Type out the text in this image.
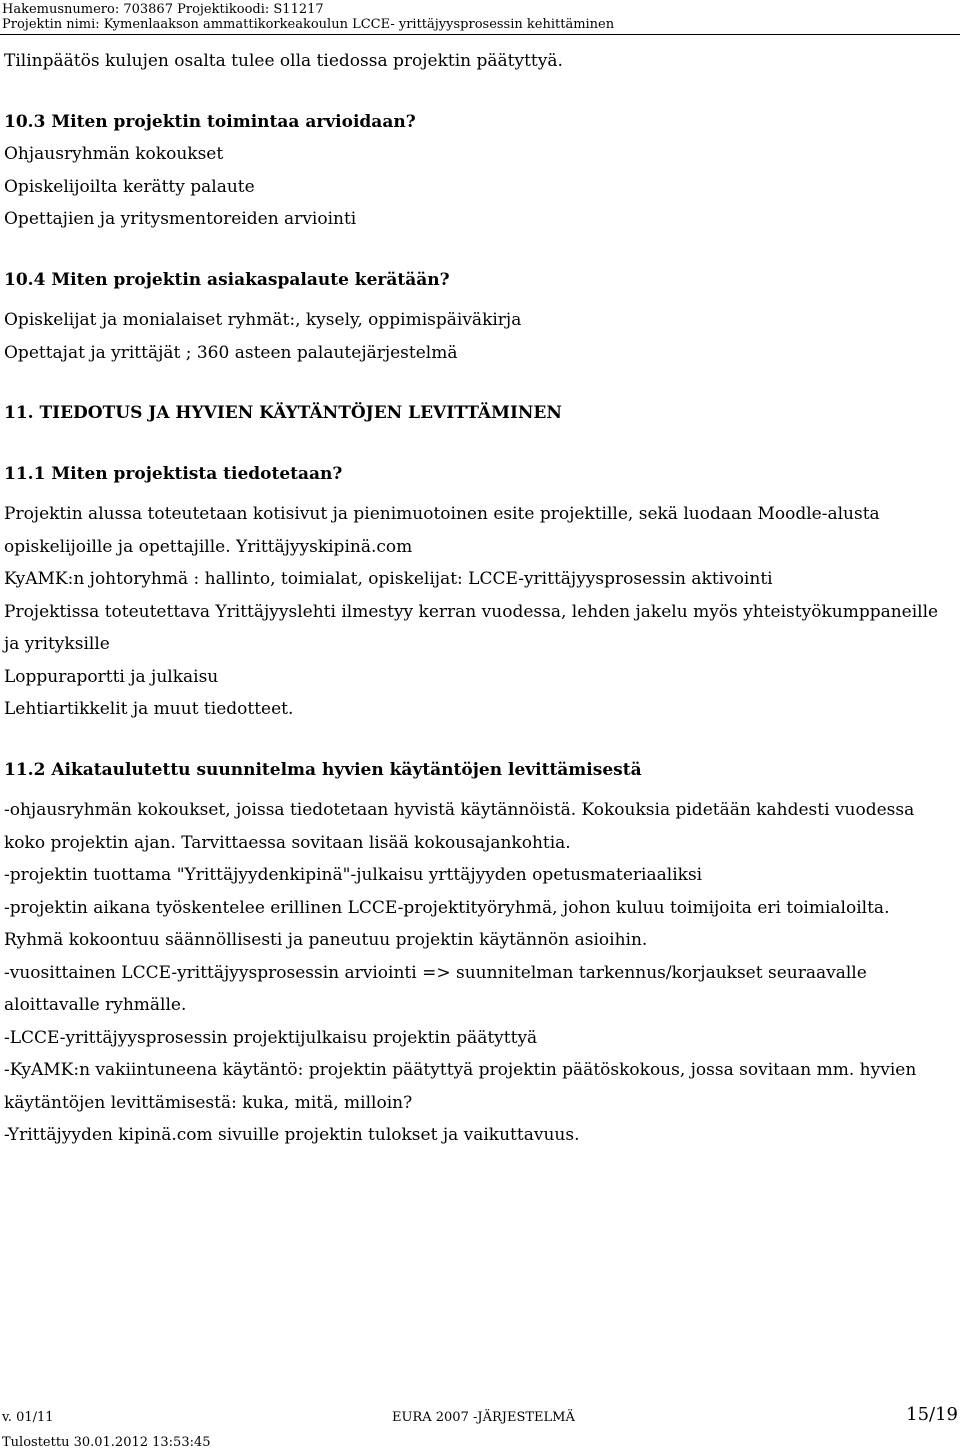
Hakemusnumero: 703867 Projektikoodi: S11217
Projektin nimi: Kymenlaakson ammattikorkeakoulun LCCE- yrittäjyysprosessin kehittäminen
Tilinpäätös kulujen osalta tulee olla tiedossa projektin päätyttyä.
10.3 Miten projektin toimintaa arvioidaan?
Ohjausryhmän kokoukset
Opiskelijoilta kerätty palaute
Opettajien ja yritysmentoreiden arviointi
10.4 Miten projektin asiakaspalaute kerätään?
Opiskelijat ja monialaiset ryhmät:, kysely, oppimispäiväkirja
Opettajat ja yrittäjät ; 360 asteen palautejärjestelmä
11. TIEDOTUS JA HYVIEN KÄYTÄNTÖJEN LEVITTÄMINEN
11.1 Miten projektista tiedotetaan?
Projektin alussa toteutetaan kotisivut ja pienimuotoinen esite projektille, sekä luodaan Moodle-alusta
opiskelijoille ja opettajille. Yrittäjyyskipinä.com
KyAMK:n johtoryhmä : hallinto, toimialat, opiskelijat: LCCE-yrittäjyysprosessin aktivointi
Projektissa toteutettava Yrittäjyyslehti ilmestyy kerran vuodessa, lehden jakelu myös yhteistyökumppaneille
ja yrityksille
Loppuraportti ja julkaisu
Lehtiartikkelit ja muut tiedotteet.
11.2 Aikataulutettu suunnitelma hyvien käytäntöjen levittämisestä
-ohjausryhmän kokoukset, joissa tiedotetaan hyvistä käytännöistä. Kokouksia pidetään kahdesti vuodessa
koko projektin ajan. Tarvittaessa sovitaan lisää kokousajankohtia.
-projektin tuottama "Yrittäjyydenkipinä"-julkaisu yrttäjyyden opetusmateriaaliksi
-projektin aikana työskentelee erillinen LCCE-projektityöryhmä, johon kuluu toimijoita eri toimialoilta.
Ryhmä kokoontuu säännöllisesti ja paneutuu projektin käytännön asioihin.
-vuosittainen LCCE-yrittäjyysprosessin arviointi => suunnitelman tarkennus/korjaukset seuraavalle
aloittavalle ryhmälle.
-LCCE-yrittäjyysprosessin projektijulkaisu projektin päätyttyä
-KyAMK:n vakiintuneena käytäntö: projektin päätyttyä projektin päätöskokous, jossa sovitaan mm. hyvien
käytäntöjen levittämisestä: kuka, mitä, milloin?
-Yrittäjyyden kipinä.com sivuille projektin tulokset ja vaikuttavuus.
v. 01/11	EURA 2007 -JÄRJESTELMÄ	15/19
Tulostettu 30.01.2012 13:53:45
